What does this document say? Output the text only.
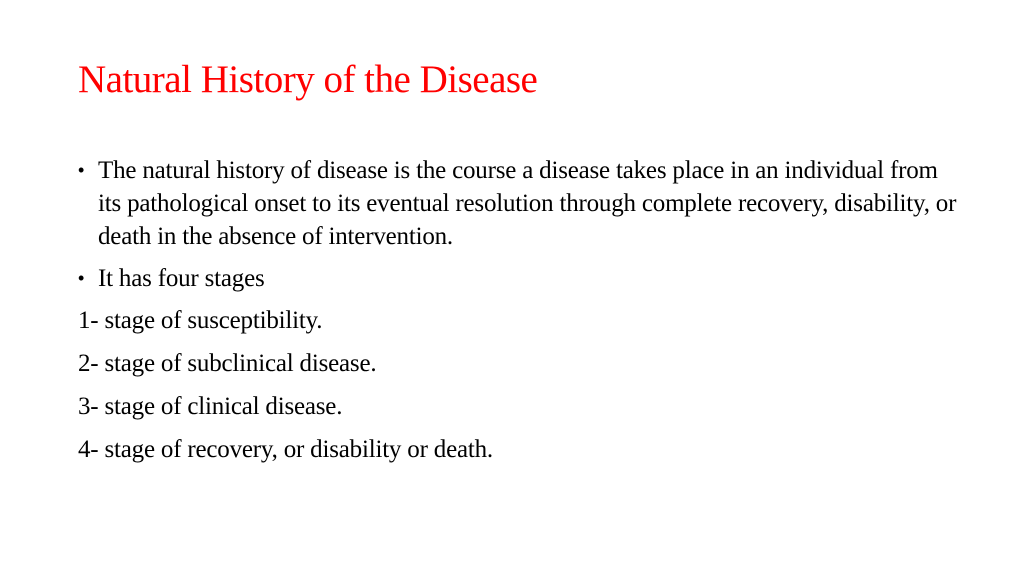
Natural History of the Disease
• The natural history of disease is the course a disease takes place in an individual from its pathological onset to its eventual resolution through complete recovery, disability, or death in the absence of intervention.
• It has four stages
1- stage of susceptibility.
2- stage of subclinical disease.
3- stage of clinical disease.
4- stage of recovery, or disability or death.
